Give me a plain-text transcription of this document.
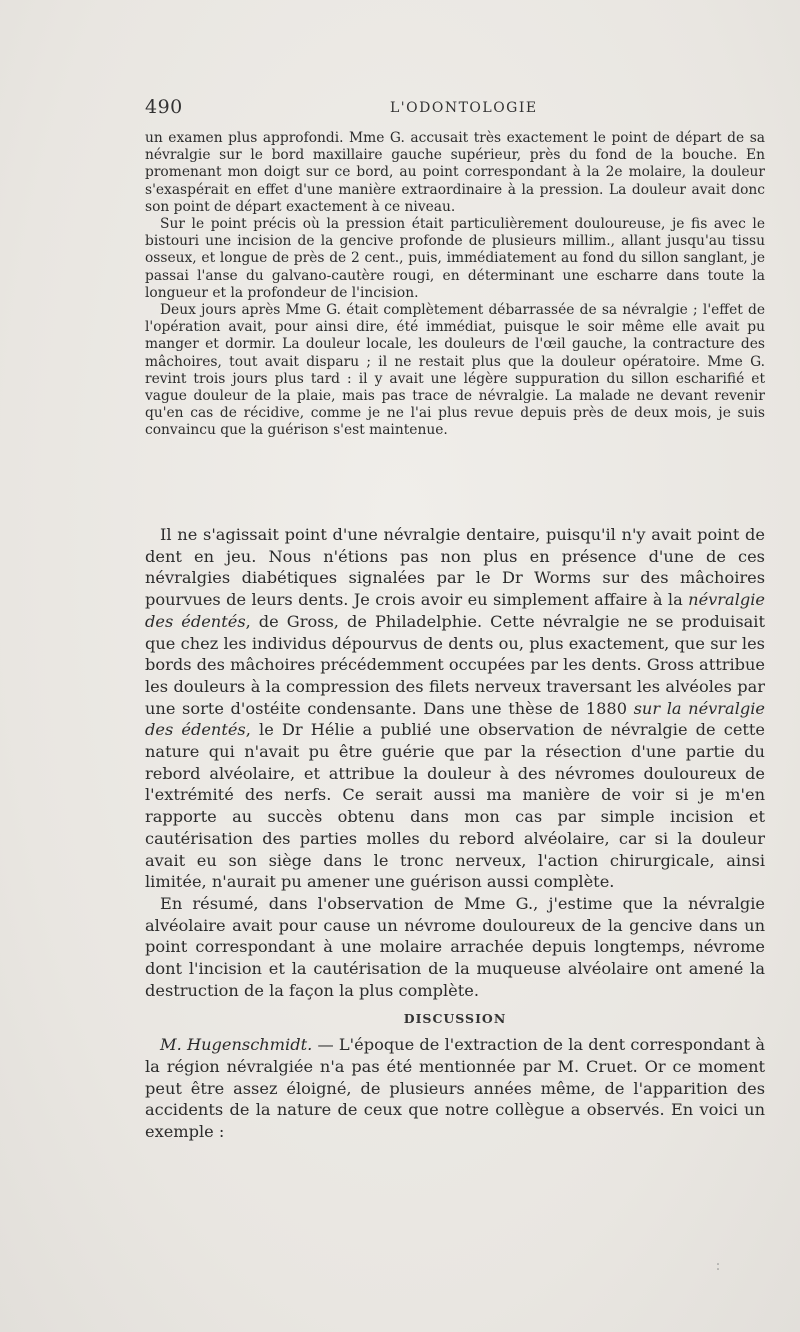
490	L'ODONTOLOGIE

un examen plus approfondi. Mme G. accusait très exactement le point de départ de sa névralgie sur le bord maxillaire gauche supérieur, près du fond de la bouche. En promenant mon doigt sur ce bord, au point correspondant à la 2e molaire, la douleur s'exaspérait en effet d'une manière extraordinaire à la pression. La douleur avait donc son point de départ exactement à ce niveau.

Sur le point précis où la pression était particulièrement douloureuse, je fis avec le bistouri une incision de la gencive profonde de plusieurs millim., allant jusqu'au tissu osseux, et longue de près de 2 cent., puis, immédiatement au fond du sillon sanglant, je passai l'anse du galvano-cautère rougi, en déterminant une escharre dans toute la longueur et la profondeur de l'incision.

Deux jours après Mme G. était complètement débarrassée de sa névralgie ; l'effet de l'opération avait, pour ainsi dire, été immédiat, puisque le soir même elle avait pu manger et dormir. La douleur locale, les douleurs de l'œil gauche, la contracture des mâchoires, tout avait disparu ; il ne restait plus que la douleur opératoire. Mme G. revint trois jours plus tard : il y avait une légère suppuration du sillon escharifié et vague douleur de la plaie, mais pas trace de névralgie. La malade ne devant revenir qu'en cas de récidive, comme je ne l'ai plus revue depuis près de deux mois, je suis convaincu que la guérison s'est maintenue.

Il ne s'agissait point d'une névralgie dentaire, puisqu'il n'y avait point de dent en jeu. Nous n'étions pas non plus en présence d'une de ces névralgies diabétiques signalées par le Dr Worms sur des mâchoires pourvues de leurs dents. Je crois avoir eu simplement affaire à la névralgie des édentés, de Gross, de Philadelphie. Cette névralgie ne se produisait que chez les individus dépourvus de dents ou, plus exactement, que sur les bords des mâchoires précédemment occupées par les dents. Gross attribue les douleurs à la compression des filets nerveux traversant les alvéoles par une sorte d'ostéite condensante. Dans une thèse de 1880 sur la névralgie des édentés, le Dr Hélie a publié une observation de névralgie de cette nature qui n'avait pu être guérie que par la résection d'une partie du rebord alvéolaire, et attribue la douleur à des névromes douloureux de l'extrémité des nerfs. Ce serait aussi ma manière de voir si je m'en rapporte au succès obtenu dans mon cas par simple incision et cautérisation des parties molles du rebord alvéolaire, car si la douleur avait eu son siège dans le tronc nerveux, l'action chirurgicale, ainsi limitée, n'aurait pu amener une guérison aussi complète.

En résumé, dans l'observation de Mme G., j'estime que la névralgie alvéolaire avait pour cause un névrome douloureux de la gencive dans un point correspondant à une molaire arrachée depuis longtemps, névrome dont l'incision et la cautérisation de la muqueuse alvéolaire ont amené la destruction de la façon la plus complète.

DISCUSSION

M. Hugenschmidt. — L'époque de l'extraction de la dent correspondant à la région névralgiée n'a pas été mentionnée par M. Cruet. Or ce moment peut être assez éloigné, de plusieurs années même, de l'apparition des accidents de la nature de ceux que notre collègue a observés. En voici un exemple :
